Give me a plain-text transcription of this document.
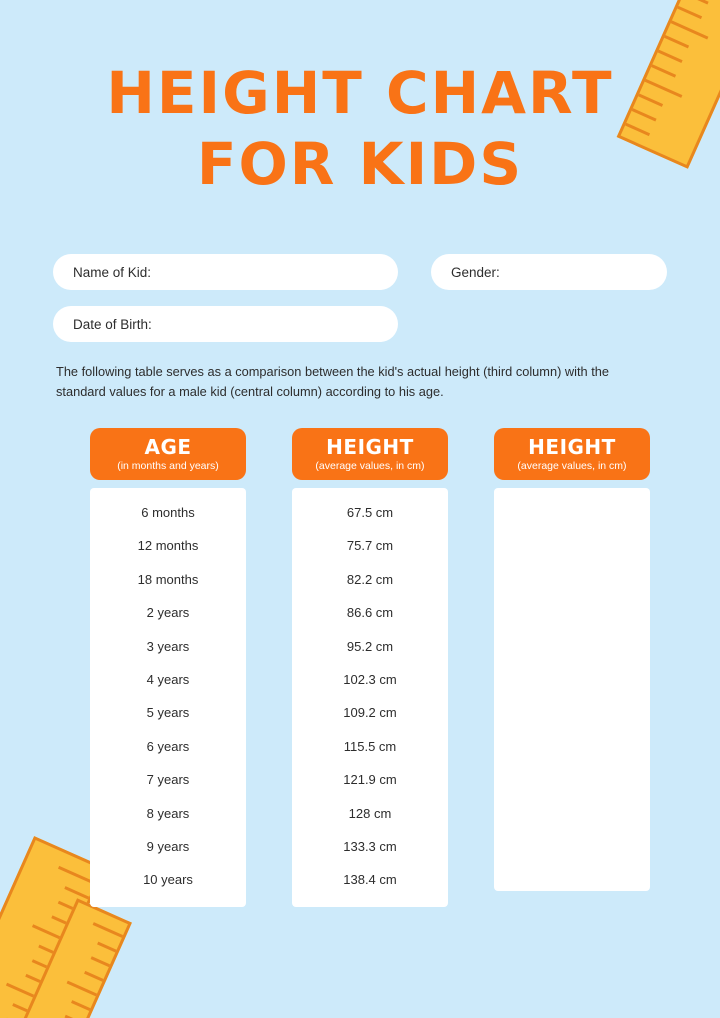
HEIGHT CHART
FOR KIDS
Name of Kid:	Gender:
Date of Birth:
The following table serves as a comparison between the kid's actual height (third column) with the standard values for a male kid (central column) according to his age.
AGE
(in months and years)
6 months
12 months
18 months
2 years
3 years
4 years
5 years
6 years
7 years
8 years
9 years
10 years
HEIGHT
(average values, in cm)
67.5 cm
75.7 cm
82.2 cm
86.6 cm
95.2 cm
102.3 cm
109.2 cm
115.5 cm
121.9 cm
128 cm
133.3 cm
138.4 cm
HEIGHT
(average values, in cm)
